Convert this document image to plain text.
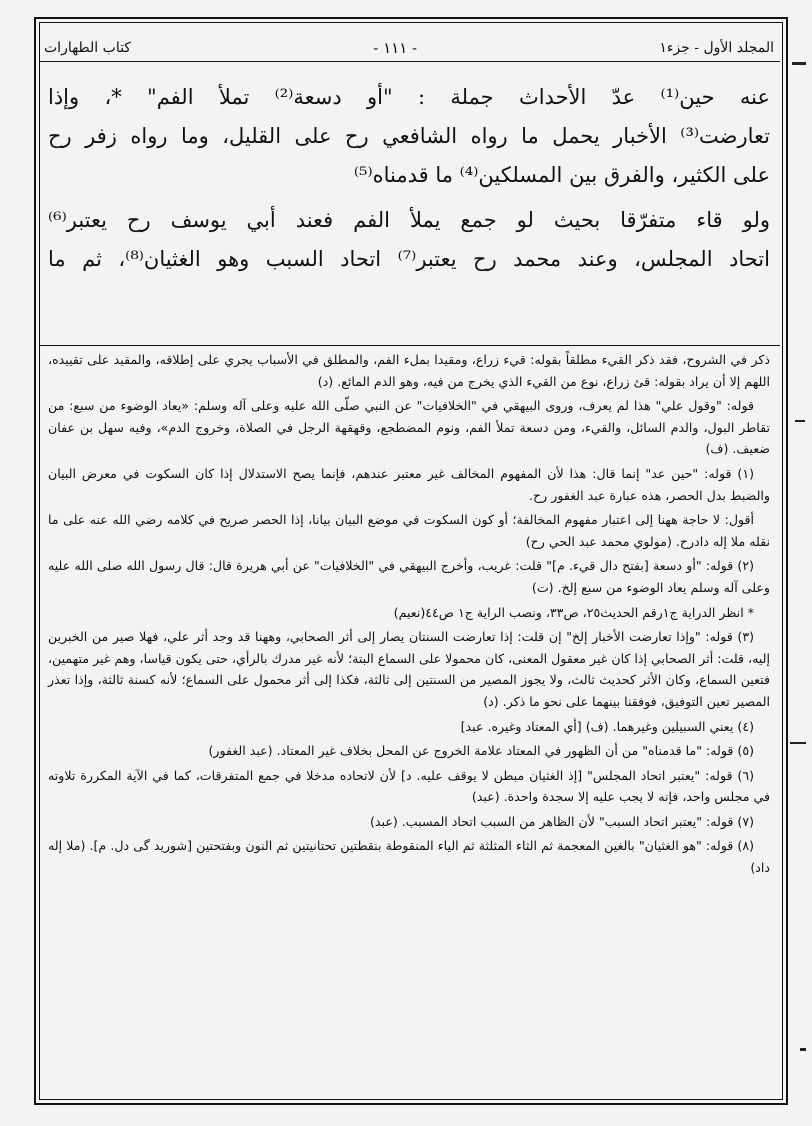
المجلد الأول - جزء١
- ١١١ -
كتاب الطهارات

عنه حين⁽¹⁾ عدّ الأحداث جملة : "أو دسعة⁽²⁾ تملأ الفم" *، وإذا

تعارضت⁽³⁾ الأخبار يحمل ما رواه الشافعي رح على القليل، وما رواه زفر رح

على الكثير، والفرق بين المسلكين⁽⁴⁾ ما قدمناه⁽⁵⁾

ولو قاء متفرّقا بحيث لو جمع يملأ الفم فعند أبي يوسف رح يعتبر⁽⁶⁾

اتحاد المجلس، وعند محمد رح يعتبر⁽⁷⁾ اتحاد السبب وهو الغثيان⁽⁸⁾، ثم ما

ذكر في الشروح، فقد ذكر القيء مطلقاً بقوله: قيء زراع، ومقيدا بملء الفم، والمطلق في الأسباب يجري على إطلاقه، والمقيد على تقييده، اللهم إلا أن يراد بقوله: قئ زراع، نوع من القيء الذي يخرج من فيه، وهو الدم المائع. (د)

قوله: "وقول علي" هذا لم يعرف، وروى البيهقي في "الخلافيات" عن النبي صلّى الله عليه وعلى آله وسلم: «يعاد الوضوء من سبع: من تقاطر البول، والدم السائل، والقيء، ومن دسعة تملأ الفم، ونوم المضطجع، وقهقهة الرجل في الصلاة، وخروج الدم»، وفيه سهل بن عفان ضعيف. (ف)

(١) قوله: "حين عد" إنما قال: هذا لأن المفهوم المخالف غير معتبر عندهم، فإنما يصح الاستدلال إذا كان السكوت في معرض البيان والضبط بدل الحصر، هذه عبارة عبد الغفور رح.

أقول: لا حاجة ههنا إلى اعتبار مفهوم المخالفة؛ أو كون السكوت في موضع البيان بيانا، إذا الحصر صريح في كلامه رضي الله عنه على ما نقله ملا إله دادرح. (مولوي محمد عبد الحي رح)

(٢) قوله: "أو دسعة [بفتح دال قيء. م]" قلت: غريب، وأخرج البيهقي في "الخلافيات" عن أبي هريرة قال: قال رسول الله صلى الله عليه وعلى آله وسلم يعاد الوضوء من سبع إلخ. (ت)

* انظر الدراية ج١رقم الحديث٢٥، ص٣٣، ونصب الراية ج١ ص٤٤(نعيم)

(٣) قوله: "وإذا تعارضت الأخبار إلخ" إن قلت: إذا تعارضت السنتان يصار إلى أثر الصحابي، وههنا قد وجد أثر علي، فهلا صير من الخبرين إليه، قلت: أثر الصحابي إذا كان غير معقول المعنى، كان محمولا على السماع البتة؛ لأنه غير مدرك بالرأي، حتى يكون قياسا، وهم غير متهمين، فتعين السماع، وكان الأثر كحديث ثالث، ولا يجوز المصير من السنتين إلى ثالثة، فكذا إلى أثر محمول على السماع؛ لأنه كسنة ثالثة، وإذا تعذر المصير تعين التوفيق، فوفقنا بينهما على نحو ما ذكر. (د)

(٤) يعني السبيلين وغيرهما. (ف) [أي المعتاد وغيره. عبد]

(٥) قوله: "ما قدمناه" من أن الظهور في المعتاد علامة الخروج عن المحل بخلاف غير المعتاد. (عبد الغفور)

(٦) قوله: "يعتبر اتحاد المجلس" [إذ الغثيان مبطن لا يوقف عليه. د] لأن لاتحاده مدخلا في جمع المتفرقات، كما في الآية المكررة تلاوته في مجلس واحد، فإنه لا يجب عليه إلا سجدة واحدة. (عبد)

(٧) قوله: "يعتبر اتحاد السبب" لأن الظاهر من السبب اتحاد المسبب. (عبد)

(٨) قوله: "هو الغثيان" بالغين المعجمة ثم الثاء المثلثة ثم الياء المنقوطة بنقطتين تحتانيتين ثم النون وبفتحتين [شوريد گی دل. م]. (ملا إله داد)
